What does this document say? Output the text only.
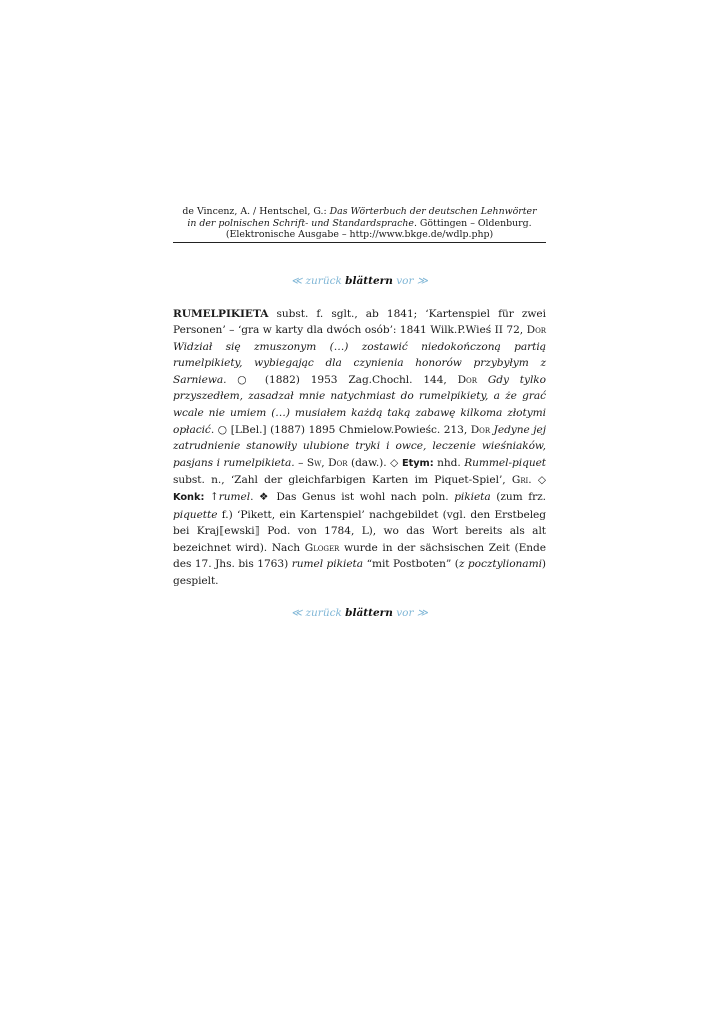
de Vincenz, A. / Hentschel, G.: Das Wörterbuch der deutschen Lehnwörter
in der polnischen Schrift- und Standardsprache. Göttingen – Oldenburg.
(Elektronische Ausgabe – http://www.bkge.de/wdlp.php)
≪ zurück blättern vor ≫
RUMELPIKIETA subst. f. sglt., ab 1841; ‘Kartenspiel für zwei Personen’ – ‘gra w karty dla dwóch osób’: 1841 Wilk.P.Wieś II 72, Dor Widział się zmuszonym (…) zostawić niedokończoną partią rumelpikiety, wybiegając dla czynienia honorów przybyłym z Sarniewa. ○ (1882) 1953 Zag.Chochl. 144, Dor Gdy tylko przyszedłem, zasadzał mnie natychmiast do rumelpikiety, a że grać wcale nie umiem (…) musiałem każdą taką zabawę kilkoma złotymi opłacić. ○ [LBel.] (1887) 1895 Chmielow.Powieśc. 213, Dor Jedyne jej zatrudnienie stanowiły ulubione tryki i owce, leczenie wieśniaków, pasjans i rumelpikieta. – Sw, Dor (daw.). ◇ Etym: nhd. Rummel-piquet subst. n., ‘Zahl der gleichfarbigen Karten im Piquet-Spiel’, Gri. ◇ Konk: ↑rumel. ❖ Das Genus ist wohl nach poln. pikieta (zum frz. piquette f.) ‘Pikett, ein Kartenspiel’ nachgebildet (vgl. den Erstbeleg bei Kraj⟦ewski⟧ Pod. von 1784, L), wo das Wort bereits als alt bezeichnet wird). Nach Gloger wurde in der sächsischen Zeit (Ende des 17. Jhs. bis 1763) rumel pikieta “mit Postboten” (z pocztylionami) gespielt.
≪ zurück blättern vor ≫
